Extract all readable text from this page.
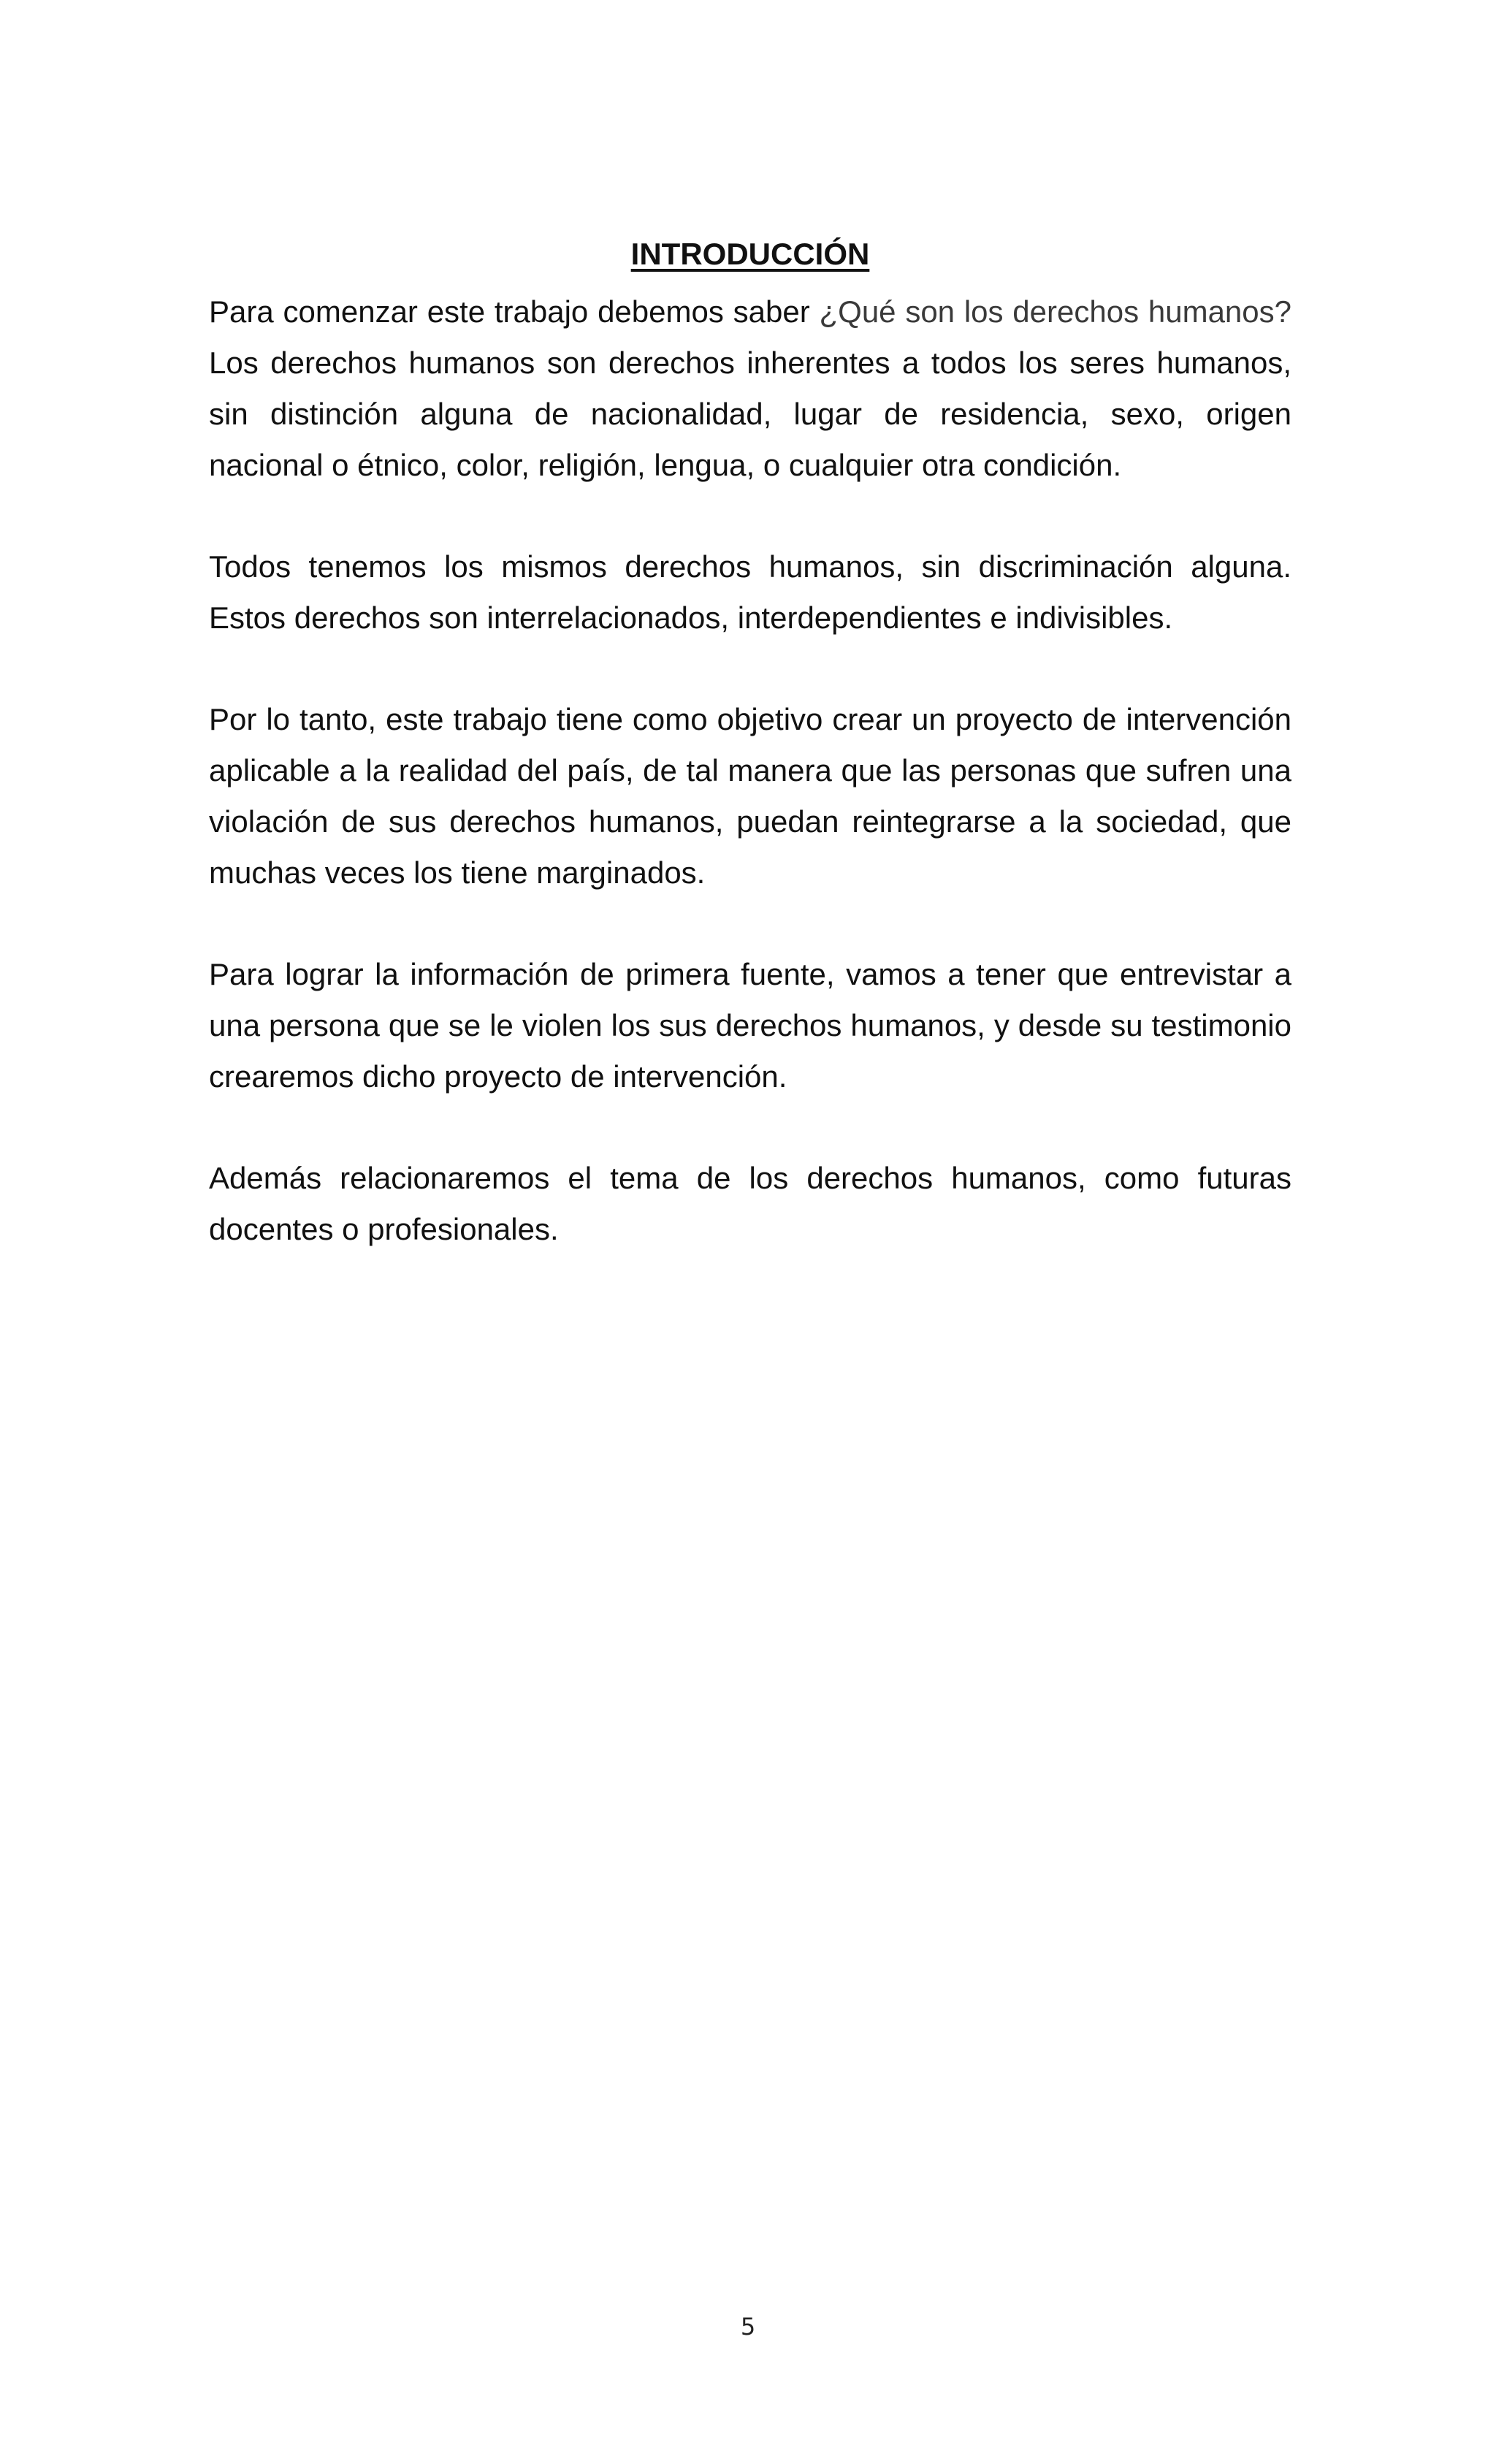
INTRODUCCIÓN

Para comenzar este trabajo debemos saber ¿Qué son los derechos humanos? Los derechos humanos son derechos inherentes a todos los seres humanos, sin distinción alguna de nacionalidad, lugar de residencia, sexo, origen nacional o étnico, color, religión, lengua, o cualquier otra condición.

Todos tenemos los mismos derechos humanos, sin discriminación alguna. Estos derechos son interrelacionados, interdependientes e indivisibles.

Por lo tanto, este trabajo tiene como objetivo crear un proyecto de intervención aplicable a la realidad del país, de tal manera que las personas que sufren una violación de sus derechos humanos, puedan reintegrarse a la sociedad, que muchas veces los tiene marginados.

Para lograr la información de primera fuente, vamos a tener que entrevistar a una persona que se le violen los sus derechos humanos, y desde su testimonio crearemos dicho proyecto de intervención.

Además relacionaremos el tema de los derechos humanos, como futuras docentes o profesionales.

5
